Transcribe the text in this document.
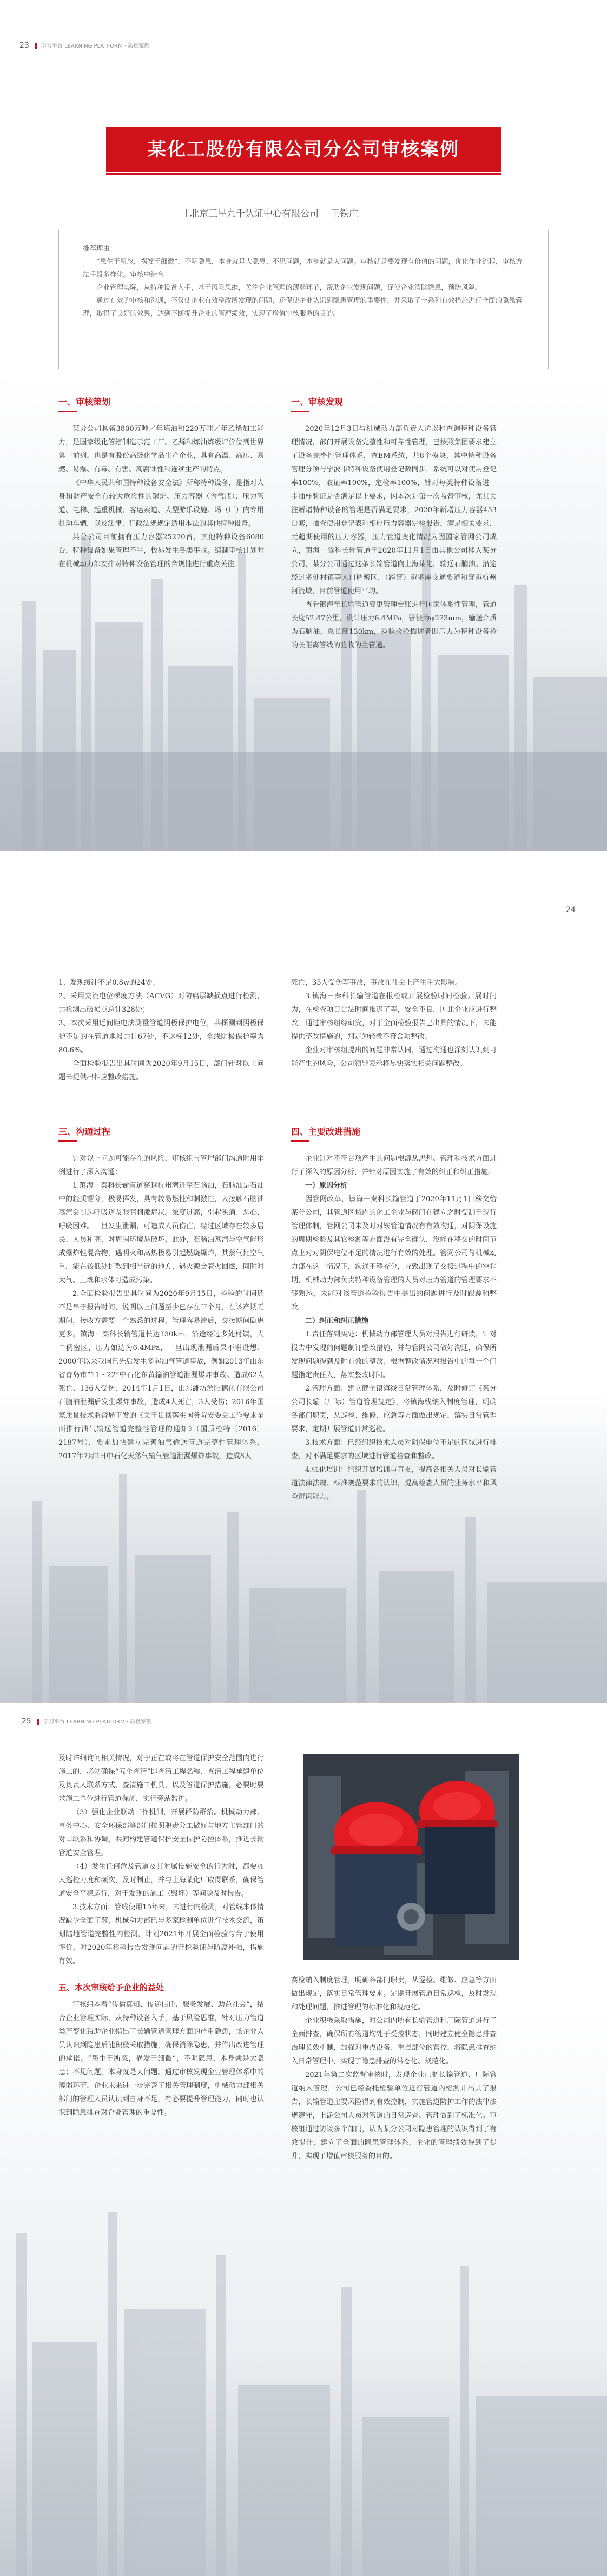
23 学习平台 LEARNING PLATFORM · 质量案例
某化工股份有限公司分公司审核案例
北京三星九千认证中心有限公司 王铁庄

推荐理由：

“患生于所忽，祸发于细微”，不明隐患，本身就是大隐患；不见问题，本身就是大问题。审核就是要发现有价值的问题，优化作业流程，审核方法手段多样化。审核中结合

企业管理实际，从特种设备入手，基于风险思维，关注企业管理的薄弱环节，帮助企业发现问题，促使企业消除隐患，预防风险。

通过有效的审核和沟通，不仅使企业有效整改所发现的问题，还促使企业认识到隐患管理的重要性，并采取了一系列有效措施进行全面的隐患管理，取得了良好的效果，达到不断提升企业的管理绩效，实现了增值审核服务的目的。

一、审核策划	一、审核发现

某分公司具备3800万吨／年炼油和220万吨／年乙烯加工能力，是国家级化管辖制造示范工厂。乙烯和炼油炼级评价位列世界第一前列。也是有股份高级化学品生产企业，具有高温、高压、易燃、易爆、有毒、有害、高腐蚀性和连续生产的特点。

《中华人民共和国特种设备安全法》所称特种设备，是指对人身和财产安全有较大危险性的锅炉、压力容器（含气瓶）、压力管道、电梯、起重机械、客运索道、大型游乐设施、场（厂）内专用机动车辆，以及法律、行政法规规定适用本法的其他特种设备。

某分公司目前拥有压力容器25270台，其他特种设备6080台，特种设备如果管理不当，极易发生各类事故。编制审核计划时在机械动力部安排对特种设备管理的合规性进行重点关注。

2020年12月3日与机械动力部负责人访谈和查询特种设备管理情况，部门开展设备完整性和可靠性管理，已按照集团要求建立了设备完整性管理体系，查EM系统，共8个模块，其中特种设备管理分项与宁波市特种设备使用登记数同步，系统可以对使用登记率100%，取证率100%，定检率100%，针对每类特种设备进一步抽样验证是否满足以上要求，因本次是第一次监督审核，尤其关注新增特种设备的管理是否满足要求，2020年新增压力容器453台套，抽查使用登记表和相应压力容器定检报告，满足相关要求，无超期使用的压力容器，压力管道变化情况为因国家管网公司成立，镇海－腾科长输管道于2020年11月1日由其他公司移入某分公司，某分公司通过这条长输管道向上海某化厂输送石脑油。沿途经过多处村镇等人口稠密区，（跨穿）越多座交通要道和穿越杭州河流域，目前管道使用平均。

查看镇海至长输管道变更管理台账进行国家体系性管理，管道长度52.47公里，设计压力6.4MPa，管径为φ273mm，输送介质为石脑油，总长度130km，检验检验描述者即压力为特种设备检的长距离管线的验收的主管通。

24

1、发现缓冲不足0.8w的24处；

2、采用交流电位梯度方法（ACVG）对防腐层缺损点进行检测，共检测出破损点总计328处；

3、本次采用近间距电法测量管道阴极保护电位，共探测到阴极保护不足的在管道地段共计67处，不达标12处，全线阴极保护率为80.6%。

全面检验报告出具时间为2020年9月15日，部门针对以上问题未提供出相应整改措施。

死亡，35人受伤等事故，事故在社会上产生重大影响。

3.镇海－秦科长输管道在报检或开展检验时间检验开展时间为，在检查项目合法时间推迟了等，安全不良，因此企业应进行整改。通过审核组经研究，对于全面检验报告已出具的情况下，未能提供整改措施的，判定为轻微不符合项整改。

企业对审核组提出的问题非常认同，通过沟通也深刻认识到可能产生的风险，公司领导表示将尽快落实相关问题整改。

三、沟通过程	四、主要改进措施

针对以上问题可能存在的风险，审核组与管理部门沟通时用举例进行了深入沟通：

1.镇海－秦科长输管道穿越杭州湾进至石脑油，石脑油是石油中的轻质馏分，极易挥发，具有较易燃性和刺激性，人接触石脑油蒸汽会引起呼吸道及眼睛刺激症状。浓度过高，引起头痛、恶心、呼吸困难。一旦发生泄漏，可造成人员伤亡，经过区域存在较多居民、人员和高，对周围环境易破坏。此外，石脑油蒸汽与空气能形成爆炸性混合物，遇明火和高热极易引起燃烧爆炸，其蒸气比空气重，能在较低处扩散到相当远的地方，遇火源会着火回燃，同时对大气、土壤和水体可造成污染。

2.全面检验报告出具时间为2020年9月15日，检验的时间还不是早于报告时间，说明以上问题至少已存在三个月，在该产期无期间，接收方需要一个熟悉的过程，管理容易滞后，交接期间隐患更多。镇海－秦科长输管道长达130km，沿途经过多处村镇，人口稠密区，压力如达为6.4MPa，一旦出现泄漏后果不堪设想。2000年以来我国已先后发生多起油气管道事故，例如2013年山东省青岛市“11・22”中石化东黄输油管道泄漏爆炸事故。造成62人死亡、136人受伤，2014年1月1日，山东潍坊滨阳德化有限公司石脑油泄漏后发生爆炸事故，造成4人死亡，3人受伤；2016年国家质量技术监督局下发的《关于贯彻落实国务院安委会工作要求全面推行油气输送管道完整性管理的通知》（国质检特〔2016〕2197号），要求加快建立完善油气输送管道完整性管理体系。2017年7月2日中石化天然气输气管道泄漏爆炸事故，造成8人

企业针对不符合项产生的问题根源从思想、管理和技术方面进行了深入的原因分析，并针对原因实施了有效的纠正和纠正措施。

一）原因分析

因管网改革，镇海－秦科长输管道于2020年11月1日移交给某分公司，其管道区域内的化工企业与阀门在建立之时受制于现行管理体制，管网公司未及时对铁管道情况有有效沟通，对阴保设施的周期检验及其它检测等方面没有完全确认，没能在移交的时间节点上对对阴保电位不足的情况进行有效的处理。管网公司与机械动力部在这一情况下，沟通不够充分，导致出现了交接过程中的空档期，机械动力部负责特种设备管理的人员对压力管道的管理要求不够熟悉，未能对该管道检验报告中提出的问题进行及时跟踪和整改。

二）纠正和纠正措施

1.责任落到实处：机械动力部管理人员对报告进行研读，针对报告中发现的问题制订整改措施，并与管网公司做好沟通，确保所发现问题得到及时有效的整改；根据整改情况对报告中的每一个问题指定责任人，落实整改时间。

2.管理方面：建立健全镇海线日常管理体系，及时修订《某分公司长输（厂际）管道管理规定》，将镇海线纳入制度管理，明确各部门职责，从巡检、维修、应急等方面做出规定，落实日常管理要求，定期开展管道日常巡检。

3.技术方面：已经组织技术人员对阴保电位不足的区域进行排查，对不满足要求的区域进行管道检查和整改。

4.强化培训：组织开展培训与宣贯，提高各相关人员对长输管道法律法规、标准规范要求的认识，提高检查人员的业务水平和风险辨识能力。

25 学习平台 LEARNING PLATFORM · 质量案例

及时详细询问相关情况，对于正在或将在管道保护安全范围内进行施工的，必须确保“五个查清”即查清工程名称、查清工程承建单位及负责人联系方式、查清施工机具，以及管道保护措施，必要时要求施工单位进行管道探测，实行旁站监护。

（3）强化企业联动工作机制，开展群防群治。机械动力部、事务中心、安全环保部等部门按照职责分工做好与地方主管部门的对口联系和协调，共同构建管道保护安全保护防控体系，推进长输管道安全管理。

（4）发生任何危及管道及其附属设施安全的行为时，都要加大巡检力度和频次，及时制止，并与上海某化厂取得联系，确保管道安全平稳运行，对于发现的施工（毁坏）等问题及时报告。

3.技术方面：管线使用15年来，未进行内检测，对管线本体情况缺少全面了解，机械动力部已与多家检测单位进行技术交流，策划陆地管道完整性内检测，计划2021年开展全面检验与合于使用评价，对2020年检验报告发现问题的开挖验证与防腐补强，措施有效。

五、本次审核给予企业的益处

审核组本着“传播真知、传递信任、服务发展、助益社会”，结合企业管理实际，从特种设备入手，基于风险思维，针对压力管道类产变化帮助企业指出了长输管道管理方面的严重隐患，该企业人员认识到隐患后能积极采取措施，确保消除隐患，并作出改进管理的承诺。“患生于所忽，祸发于细微”，不明隐患，本身就是大隐患；不见问题，本身就是大问题。通过审核发现企业管理体系中的薄弱环节，企业未来进一步完善了相关管理制度，机械动力部相关部门的管理人员认识到自身不足，有必要提升管理能力，同时也认识到隐患排查对企业管理的重要性。

赛检纳入制度管理，明确各部门职责，从巡检、维修、应急等方面做出规定，落实日常管理要求。定期开展管道日常巡检，及时发现和处理问题，推进管理的标准化和规范化。

企业积极采取措施，对公司内所有长输管道和厂际管道进行了全面排查，确保所有管道均处于受控状态，同时建立健全隐患排查治理长效机制，加强对重点设备、重点部位的管控，将隐患排查纳入日常管理中，实现了隐患排查的常态化、规范化。

2021年第二次监督审核时，发现企业已把长输管道、厂际管道纳入管理，公司已经委托检验单位进行管道内检测并出具了报告，长输管道主要风险得到有效控制，实施管道防护工作的法律法规遵守，上游公司人员对管道的日常巡查、管理做到了标准化。审核组通过访谈多个部门，认为某分公司对隐患管理的认识得到了有效提升，建立了全面的隐患管理体系，企业的管理绩效得到了提升，实现了增值审核服务的目的。
